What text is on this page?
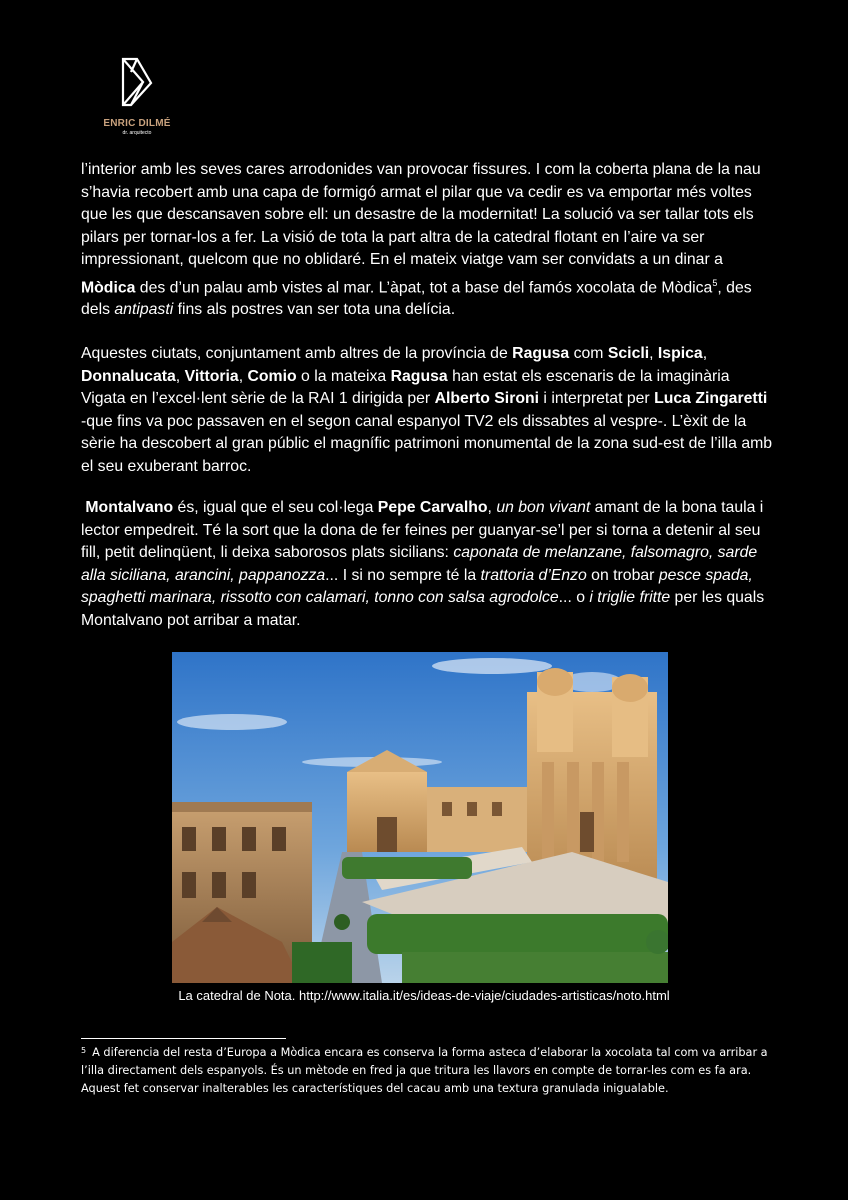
ENRIC DILMÉ
dr. arquitecto

l’interior amb les seves cares arrodonides van provocar fissures. I com la coberta plana de la nau s’havia recobert amb una capa de formigó armat el pilar que va cedir es va emportar més voltes que les que descansaven sobre ell: un desastre de la modernitat! La solució va ser tallar tots els pilars per tornar-los a fer. La visió de tota la part altra de la catedral flotant en l’aire va ser impressionant, quelcom que no oblidaré. En el mateix viatge vam ser convidats a un dinar a Mòdica des d’un palau amb vistes al mar. L’àpat, tot a base del famós xocolata de Mòdica$^5$, des dels antipasti fins als postres van ser tota una delícia.

Aquestes ciutats, conjuntament amb altres de la província de Ragusa com Scicli, Ispica, Donnalucata, Vittoria, Comio o la mateixa Ragusa han estat els escenaris de la imaginària Vigata en l’excel·lent sèrie de la RAI 1 dirigida per Alberto Sironi i interpretat per Luca Zingaretti -que fins va poc passaven en el segon canal espanyol TV2 els dissabtes al vespre-. L’èxit de la sèrie ha descobert al gran públic el magnífic patrimoni monumental de la zona sud-est de l’illa amb el seu exuberant barroc.

Montalvano és, igual que el seu col·lega Pepe Carvalho, un bon vivant amant de la bona taula i lector empedreit. Té la sort que la dona de fer feines per guanyar-se’l per si torna a detenir al seu fill, petit delinqüent, li deixa saborosos plats sicilians: caponata de melanzane, falsomagro, sarde alla siciliana, arancini, pappanozza... I si no sempre té la trattoria d’Enzo on trobar pesce spada, spaghetti marinara, rissotto con calamari, tonno con salsa agrodolce... o i triglie fritte per les quals Montalvano pot arribar a matar.

La catedral de Nota. http://www.italia.it/es/ideas-de-viaje/ciudades-artisticas/noto.html

$^5$ A diferencia del resta d’Europa a Mòdica encara es conserva la forma asteca d’elaborar la xocolata tal com va arribar a l’illa directament dels espanyols. És un mètode en fred ja que tritura les llavors en compte de torrar-les com es fa ara. Aquest fet conservar inalterables les característiques del cacau amb una textura granulada inigualable.
